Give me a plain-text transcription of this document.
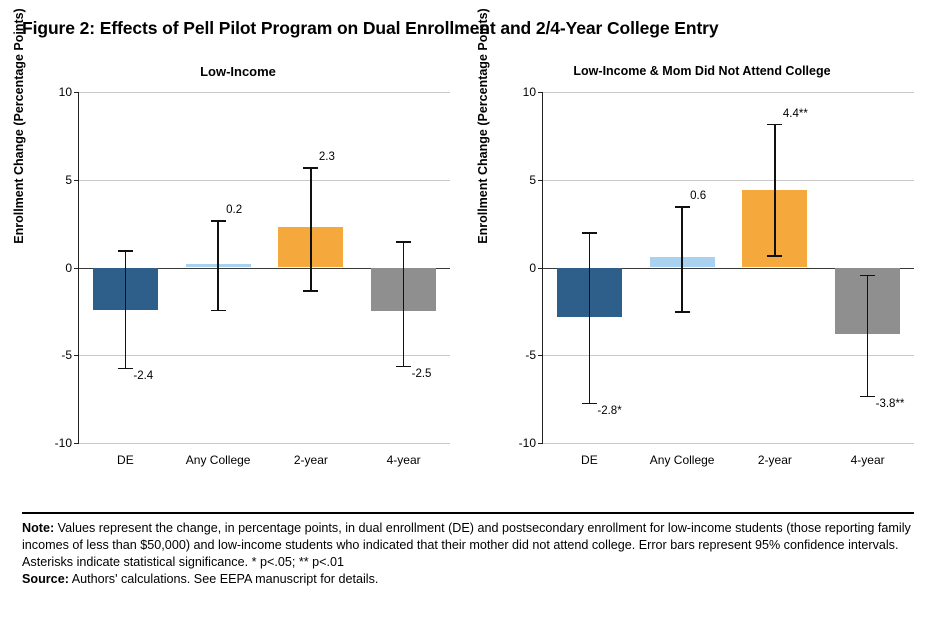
Figure 2: Effects of Pell Pilot Program on Dual Enrollment and 2/4-Year College Entry
Low-Income
Enrollment Change (Percentage Points)
-10
-5
0
5
10
-2.4
DE
0.2
Any College
2.3
2-year
-2.5
4-year
Low-Income & Mom Did Not Attend College
Enrollment Change (Percentage Points)
-10
-5
0
5
10
-2.8*
DE
0.6
Any College
4.4**
2-year
-3.8**
4-year
Note: Values represent the change, in percentage points, in dual enrollment (DE) and postsecondary enrollment for low-income students (those reporting family incomes of less than $50,000) and low-income students who indicated that their mother did not attend college. Error bars represent 95% confidence intervals. Asterisks indicate statistical significance. * p<.05; ** p<.01
Source: Authors' calculations. See EEPA manuscript for details.
